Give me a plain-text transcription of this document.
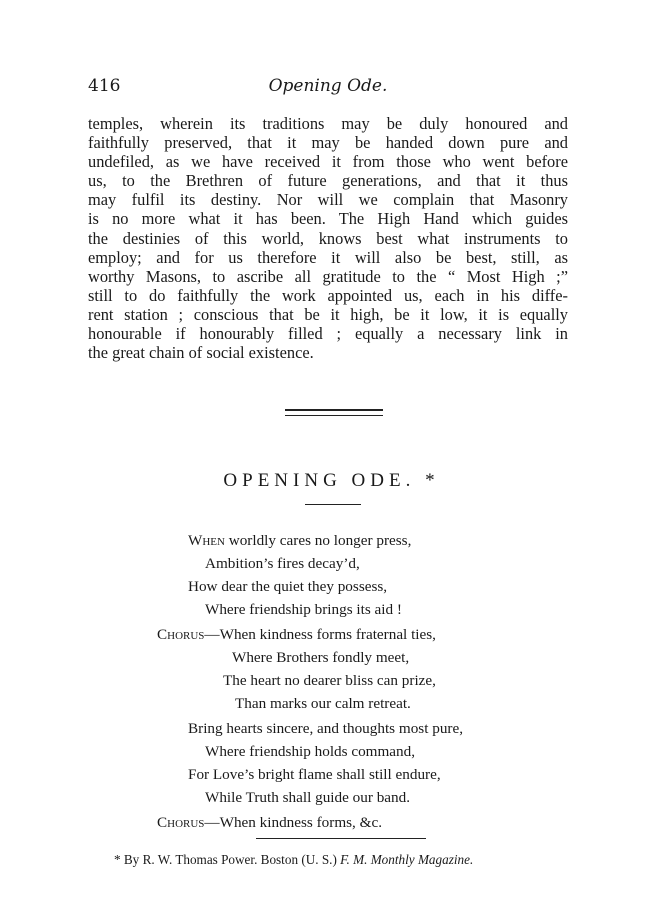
416	Opening Ode.
temples, wherein its traditions may be duly honoured and
faithfully preserved, that it may be handed down pure and
undefiled, as we have received it from those who went before
us, to the Brethren of future generations, and that it thus
may fulfil its destiny. Nor will we complain that Masonry
is no more what it has been. The High Hand which guides
the destinies of this world, knows best what instruments to
employ; and for us therefore it will also be best, still, as
worthy Masons, to ascribe all gratitude to the “ Most High ;”
still to do faithfully the work appointed us, each in his diffe-
rent station ; conscious that be it high, be it low, it is equally
honourable if honourably filled ; equally a necessary link in
the great chain of social existence.
OPENING ODE. *
When worldly cares no longer press,
Ambition’s fires decay’d,
How dear the quiet they possess,
Where friendship brings its aid !
Chorus—When kindness forms fraternal ties,
Where Brothers fondly meet,
The heart no dearer bliss can prize,
Than marks our calm retreat.
Bring hearts sincere, and thoughts most pure,
Where friendship holds command,
For Love’s bright flame shall still endure,
While Truth shall guide our band.
Chorus—When kindness forms, &c.
* By R. W. Thomas Power. Boston (U. S.) F. M. Monthly Magazine.
